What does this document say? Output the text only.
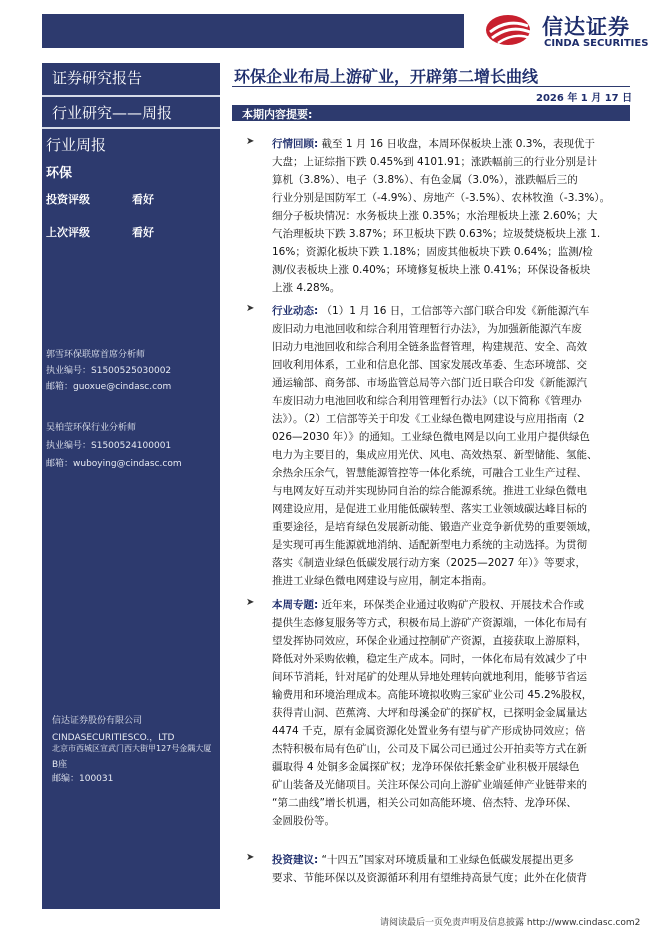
信达证券
CINDA SECURITIES
证券研究报告
行业研究——周报
行业周报
环保
投资评级	看好
上次评级	看好
郭雪环保联席首席分析师
执业编号：S1500525030002
邮箱：guoxue@cindasc.com
吴柏莹环保行业分析师
执业编号：S1500524100001
邮箱：wuboying@cindasc.com
信达证券股份有限公司
CINDASECURITIESCO.，LTD
北京市西城区宣武门西大街甲127号金隅大厦
B座
邮编：100031
环保企业布局上游矿业，开辟第二增长曲线
2026 年 1 月 17 日
本期内容提要:
➤ 行情回顾: 截至 1 月 16 日收盘，本周环保板块上涨 0.3%，表现优于
大盘；上证综指下跌 0.45%到 4101.91；涨跌幅前三的行业分别是计
算机（3.8%）、电子（3.8%）、有色金属（3.0%），涨跌幅后三的
行业分别是国防军工（-4.9%）、房地产（-3.5%）、农林牧渔（-3.3%）。
细分子板块情况：水务板块上涨 0.35%；水治理板块上涨 2.60%；大
气治理板块下跌 3.87%；环卫板块下跌 0.63%；垃圾焚烧板块上涨 1.
16%；资源化板块下跌 1.18%；固废其他板块下跌 0.64%；监测/检
测/仪表板块上涨 0.40%；环境修复板块上涨 0.41%；环保设备板块
上涨 4.28%。
➤ 行业动态: （1）1 月 16 日，工信部等六部门联合印发《新能源汽车
废旧动力电池回收和综合利用管理暂行办法》，为加强新能源汽车废
旧动力电池回收和综合利用全链条监督管理，构建规范、安全、高效
回收利用体系，工业和信息化部、国家发展改革委、生态环境部、交
通运输部、商务部、市场监管总局等六部门近日联合印发《新能源汽
车废旧动力电池回收和综合利用管理暂行办法》（以下简称《管理办
法》）。（2）工信部等关于印发《工业绿色微电网建设与应用指南（2
026—2030 年）》的通知。工业绿色微电网是以向工业用户提供绿色
电力为主要目的，集成应用光伏、风电、高效热泵、新型储能、氢能、
余热余压余气，智慧能源管控等一体化系统，可融合工业生产过程、
与电网友好互动并实现协同自治的综合能源系统。推进工业绿色微电
网建设应用，是促进工业用能低碳转型、落实工业领域碳达峰目标的
重要途径，是培育绿色发展新动能、锻造产业竞争新优势的重要领域，
是实现可再生能源就地消纳、适配新型电力系统的主动选择。为贯彻
落实《制造业绿色低碳发展行动方案（2025—2027 年）》等要求，
推进工业绿色微电网建设与应用，制定本指南。
➤ 本周专题: 近年来，环保类企业通过收购矿产股权、开展技术合作或
提供生态修复服务等方式，积极布局上游矿产资源端，一体化布局有
望发挥协同效应，环保企业通过控制矿产资源，直接获取上游原料，
降低对外采购依赖，稳定生产成本。同时，一体化布局有效减少了中
间环节消耗，针对尾矿的处理从异地处理转向就地利用，能够节省运
输费用和环境治理成本。高能环境拟收购三家矿业公司 45.2%股权，
获得青山洞、芭蕉湾、大坪和母溪金矿的探矿权，已探明金金属量达
4474 千克，原有金属资源化处置业务有望与矿产形成协同效应；倍
杰特积极布局有色矿山，公司及下属公司已通过公开拍卖等方式在新
疆取得 4 处铜多金属探矿权；龙净环保依托紫金矿业积极开展绿色
矿山装备及光储项目。关注环保公司向上游矿业端延伸产业链带来的
“第二曲线”增长机遇，相关公司如高能环境、倍杰特、龙净环保、
金圆股份等。
➤ 投资建议: “十四五”国家对环境质量和工业绿色低碳发展提出更多
要求、节能环保以及资源循环利用有望维持高景气度；此外在化债背
请阅读最后一页免责声明及信息披露 http://www.cindasc.com2
